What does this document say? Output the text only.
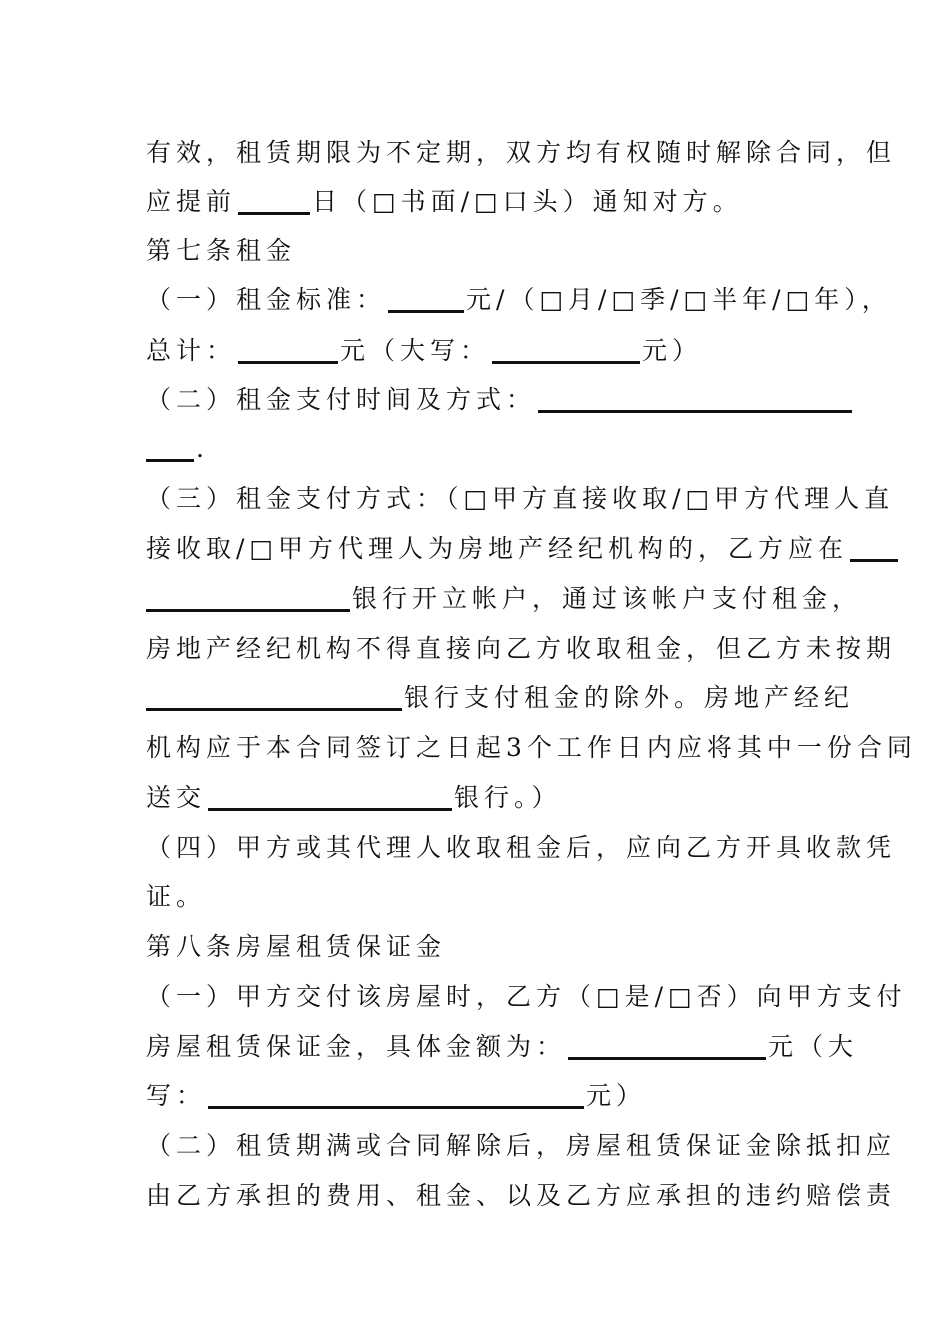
有效，租赁期限为不定期，双方均有权随时解除合同，但
应提前	日（□书面/□口头）通知对方。
第七条租金
（一）租金标准：	元/（□月/□季/□半年/□年），
总计：	元（大写：	元）
（二）租金支付时间及方式：
.
（三）租金支付方式：（□甲方直接收取/□甲方代理人直
接收取/□甲方代理人为房地产经纪机构的，乙方应在
银行开立帐户，通过该帐户支付租金，
房地产经纪机构不得直接向乙方收取租金，但乙方未按期
银行支付租金的除外。房地产经纪
机构应于本合同签订之日起3个工作日内应将其中一份合同
送交	银行。）
（四）甲方或其代理人收取租金后，应向乙方开具收款凭
证。
第八条房屋租赁保证金
（一）甲方交付该房屋时，乙方（□是/□否）向甲方支付
房屋租赁保证金，具体金额为：	元（大
写：	元）
（二）租赁期满或合同解除后，房屋租赁保证金除抵扣应
由乙方承担的费用、租金、以及乙方应承担的违约赔偿责
